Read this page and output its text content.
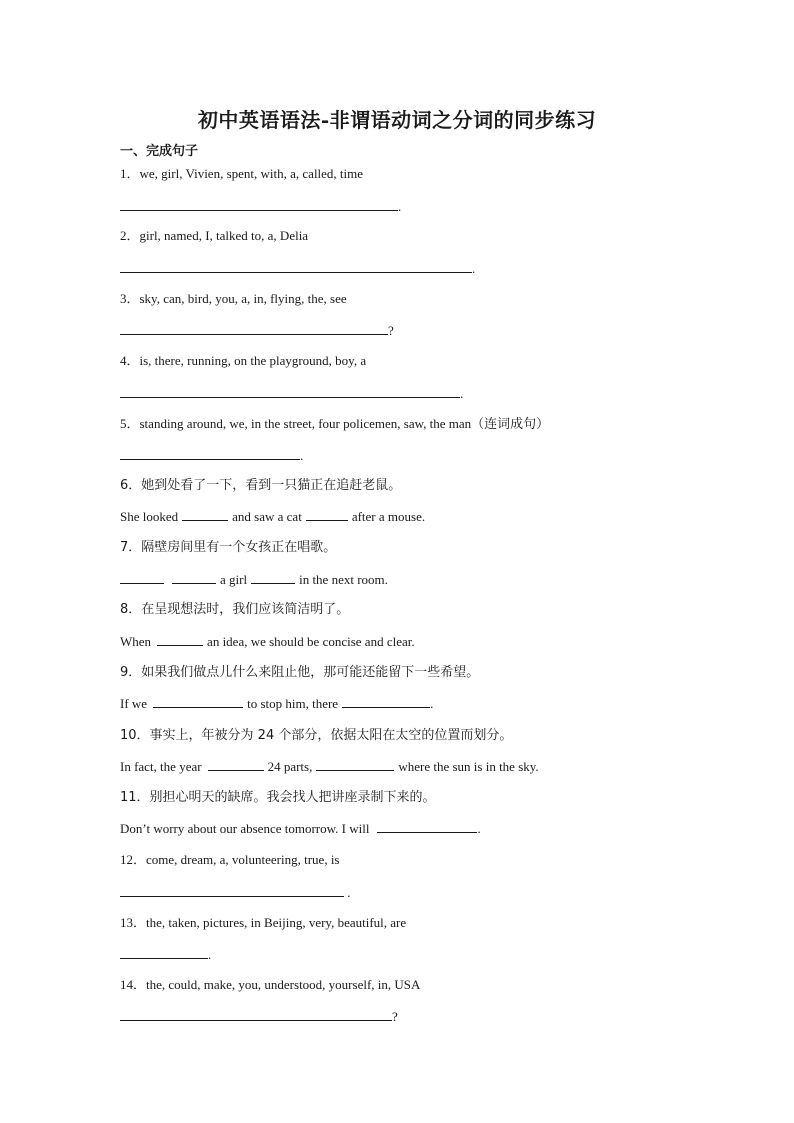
初中英语语法-非谓语动词之分词的同步练习
一、完成句子
1．we, girl, Vivien, spent, with, a, called, time
.
2．girl, named, I, talked to, a, Delia
.
3．sky, can, bird, you, a, in, flying, the, see
?
4．is, there, running, on the playground, boy, a
.
5．standing around, we, in the street, four policemen, saw, the man（连词成句）
.
6．她到处看了一下，看到一只猫正在追赶老鼠。
She looked	and saw a cat	after a mouse.
7．隔壁房间里有一个女孩正在唱歌。
a girl	in the next room.
8．在呈现想法时，我们应该简洁明了。
When	an idea, we should be concise and clear.
9．如果我们做点儿什么来阻止他，那可能还能留下一些希望。
If we	to stop him, there	.
10．事实上，年被分为 24 个部分，依据太阳在太空的位置而划分。
In fact, the year	24 parts,	where the sun is in the sky.
11．别担心明天的缺席。我会找人把讲座录制下来的。
Don’t worry about our absence tomorrow. I will	.
12．come, dream, a, volunteering, true, is
.
13．the, taken, pictures, in Beijing, very, beautiful, are
.
14．the, could, make, you, understood, yourself, in, USA
?
